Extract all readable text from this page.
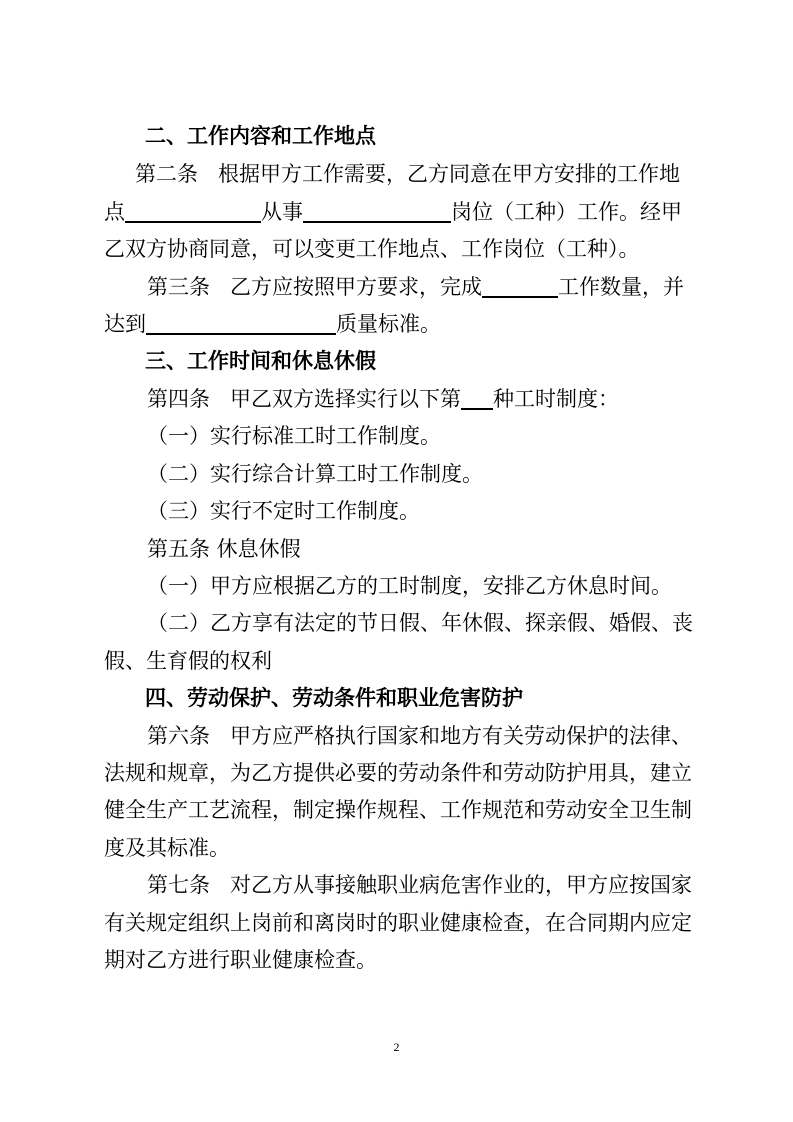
二、工作内容和工作地点
第二条 根据甲方工作需要，乙方同意在甲方安排的工作地
点	从事	岗位（工种）工作。经甲
乙双方协商同意，可以变更工作地点、工作岗位（工种）。
第三条 乙方应按照甲方要求，完成	工作数量，并
达到	质量标准。
三、工作时间和休息休假
第四条 甲乙双方选择实行以下第 种工时制度：
（一）实行标准工时工作制度。
（二）实行综合计算工时工作制度。
（三）实行不定时工作制度。
第五条 休息休假
（一）甲方应根据乙方的工时制度，安排乙方休息时间。
（二）乙方享有法定的节日假、年休假、探亲假、婚假、丧
假、生育假的权利
四、劳动保护、劳动条件和职业危害防护
第六条 甲方应严格执行国家和地方有关劳动保护的法律、
法规和规章，为乙方提供必要的劳动条件和劳动防护用具，建立
健全生产工艺流程，制定操作规程、工作规范和劳动安全卫生制
度及其标准。
第七条 对乙方从事接触职业病危害作业的，甲方应按国家
有关规定组织上岗前和离岗时的职业健康检查，在合同期内应定
期对乙方进行职业健康检查。
2
